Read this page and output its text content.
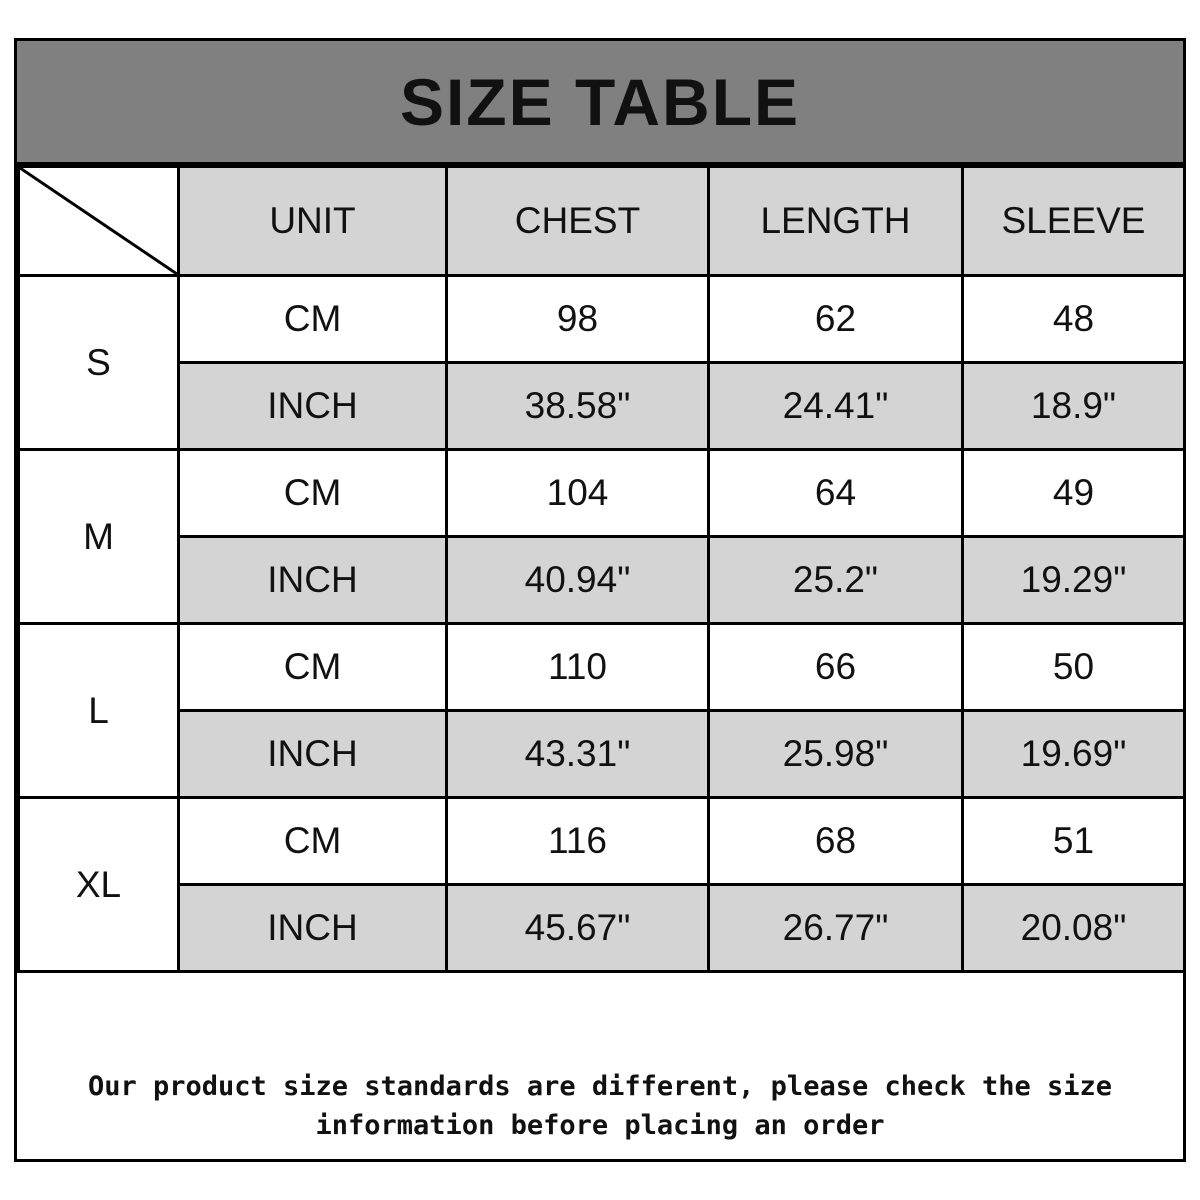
SIZE TABLE
	UNIT	CHEST	LENGTH	SLEEVE
S	CM	98	62	48
	INCH	38.58"	24.41"	18.9"
M	CM	104	64	49
	INCH	40.94"	25.2"	19.29"
L	CM	110	66	50
	INCH	43.31"	25.98"	19.69"
XL	CM	116	68	51
	INCH	45.67"	26.77"	20.08"
Our product size standards are different, please check the size
information before placing an order
